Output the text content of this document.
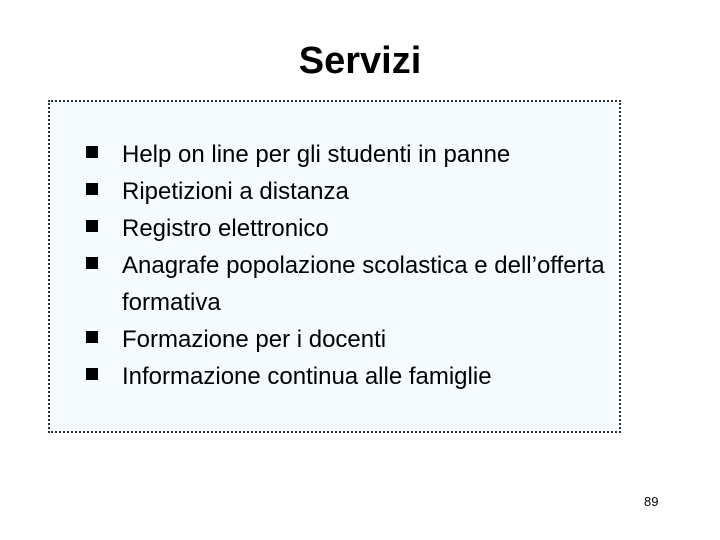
Servizi
Help on line per gli studenti in panne
Ripetizioni a distanza
Registro elettronico
Anagrafe popolazione scolastica e dell’offerta formativa
Formazione per i docenti
Informazione continua alle famiglie
89
